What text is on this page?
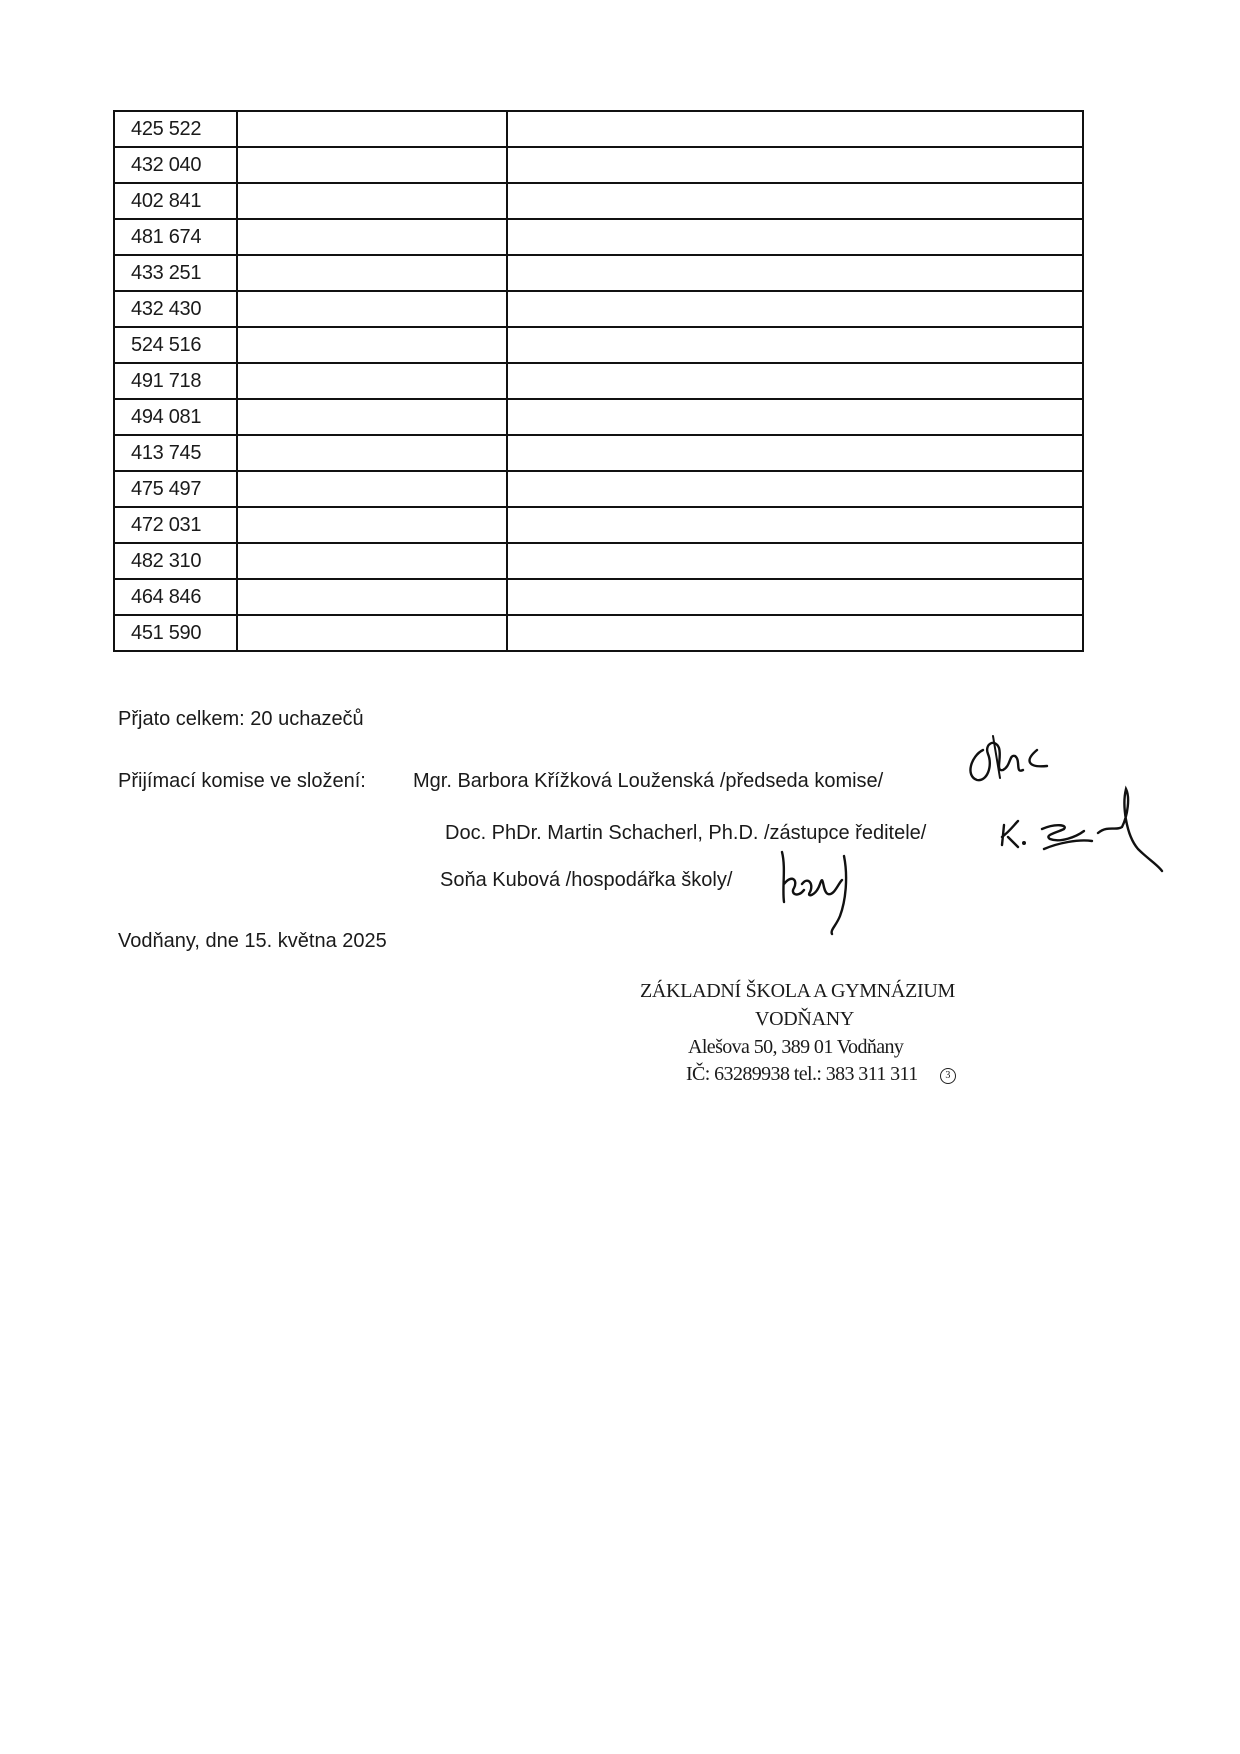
425 522		
432 040		
402 841		
481 674		
433 251		
432 430		
524 516		
491 718		
494 081		
413 745		
475 497		
472 031		
482 310		
464 846		
451 590		
Přjato celkem: 20 uchazečů
Přijímací komise ve složení: Mgr. Barbora Křížková Louženská /předseda komise/
Doc. PhDr. Martin Schacherl, Ph.D. /zástupce ředitele/
Soňa Kubová /hospodářka školy/
Vodňany, dne 15. května 2025
ZÁKLADNÍ ŠKOLA A GYMNÁZIUM
VODŇANY
Alešova 50, 389 01 Vodňany
IČ: 63289938 tel.: 383 311 311	3
